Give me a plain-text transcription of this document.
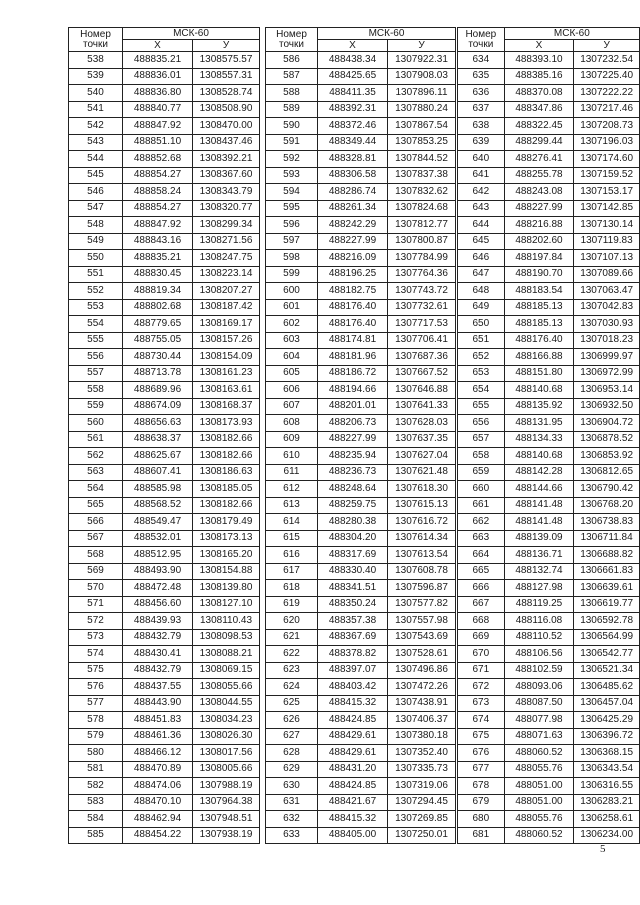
Номер
точки	МСК-60	
	X	У
538	488835.21	1308575.57
539	488836.01	1308557.31
540	488836.80	1308528.74
541	488840.77	1308508.90
542	488847.92	1308470.00
543	488851.10	1308437.46
544	488852.68	1308392.21
545	488854.27	1308367.60
546	488858.24	1308343.79
547	488854.27	1308320.77
548	488847.92	1308299.34
549	488843.16	1308271.56
550	488835.21	1308247.75
551	488830.45	1308223.14
552	488819.34	1308207.27
553	488802.68	1308187.42
554	488779.65	1308169.17
555	488755.05	1308157.26
556	488730.44	1308154.09
557	488713.78	1308161.23
558	488689.96	1308163.61
559	488674.09	1308168.37
560	488656.63	1308173.93
561	488638.37	1308182.66
562	488625.67	1308182.66
563	488607.41	1308186.63
564	488585.98	1308185.05
565	488568.52	1308182.66
566	488549.47	1308179.49
567	488532.01	1308173.13
568	488512.95	1308165.20
569	488493.90	1308154.88
570	488472.48	1308139.80
571	488456.60	1308127.10
572	488439.93	1308110.43
573	488432.79	1308098.53
574	488430.41	1308088.21
575	488432.79	1308069.15
576	488437.55	1308055.66
577	488443.90	1308044.55
578	488451.83	1308034.23
579	488461.36	1308026.30
580	488466.12	1308017.56
581	488470.89	1308005.66
582	488474.06	1307988.19
583	488470.10	1307964.38
584	488462.94	1307948.51
585	488454.22	1307938.19
Номер
точки	МСК-60	
	X	У
586	488438.34	1307922.31
587	488425.65	1307908.03
588	488411.35	1307896.11
589	488392.31	1307880.24
590	488372.46	1307867.54
591	488349.44	1307853.25
592	488328.81	1307844.52
593	488306.58	1307837.38
594	488286.74	1307832.62
595	488261.34	1307824.68
596	488242.29	1307812.77
597	488227.99	1307800.87
598	488216.09	1307784.99
599	488196.25	1307764.36
600	488182.75	1307743.72
601	488176.40	1307732.61
602	488176.40	1307717.53
603	488174.81	1307706.41
604	488181.96	1307687.36
605	488186.72	1307667.52
606	488194.66	1307646.88
607	488201.01	1307641.33
608	488206.73	1307628.03
609	488227.99	1307637.35
610	488235.94	1307627.04
611	488236.73	1307621.48
612	488248.64	1307618.30
613	488259.75	1307615.13
614	488280.38	1307616.72
615	488304.20	1307614.34
616	488317.69	1307613.54
617	488330.40	1307608.78
618	488341.51	1307596.87
619	488350.24	1307577.82
620	488357.38	1307557.98
621	488367.69	1307543.69
622	488378.82	1307528.61
623	488397.07	1307496.86
624	488403.42	1307472.26
625	488415.32	1307438.91
626	488424.85	1307406.37
627	488429.61	1307380.18
628	488429.61	1307352.40
629	488431.20	1307335.73
630	488424.85	1307319.06
631	488421.67	1307294.45
632	488415.32	1307269.85
633	488405.00	1307250.01
Номер
точки	МСК-60	
	X	У
634	488393.10	1307232.54
635	488385.16	1307225.40
636	488370.08	1307222.22
637	488347.86	1307217.46
638	488322.45	1307208.73
639	488299.44	1307196.03
640	488276.41	1307174.60
641	488255.78	1307159.52
642	488243.08	1307153.17
643	488227.99	1307142.85
644	488216.88	1307130.14
645	488202.60	1307119.83
646	488197.84	1307107.13
647	488190.70	1307089.66
648	488183.54	1307063.47
649	488185.13	1307042.83
650	488185.13	1307030.93
651	488176.40	1307018.23
652	488166.88	1306999.97
653	488151.80	1306972.99
654	488140.68	1306953.14
655	488135.92	1306932.50
656	488131.95	1306904.72
657	488134.33	1306878.52
658	488140.68	1306853.92
659	488142.28	1306812.65
660	488144.66	1306790.42
661	488141.48	1306768.20
662	488141.48	1306738.83
663	488139.09	1306711.84
664	488136.71	1306688.82
665	488132.74	1306661.83
666	488127.98	1306639.61
667	488119.25	1306619.77
668	488116.08	1306592.78
669	488110.52	1306564.99
670	488106.56	1306542.77
671	488102.59	1306521.34
672	488093.06	1306485.62
673	488087.50	1306457.04
674	488077.98	1306425.29
675	488071.63	1306396.72
676	488060.52	1306368.15
677	488055.76	1306343.54
678	488051.00	1306316.55
679	488051.00	1306283.21
680	488055.76	1306258.61
681	488060.52	1306234.00
5
